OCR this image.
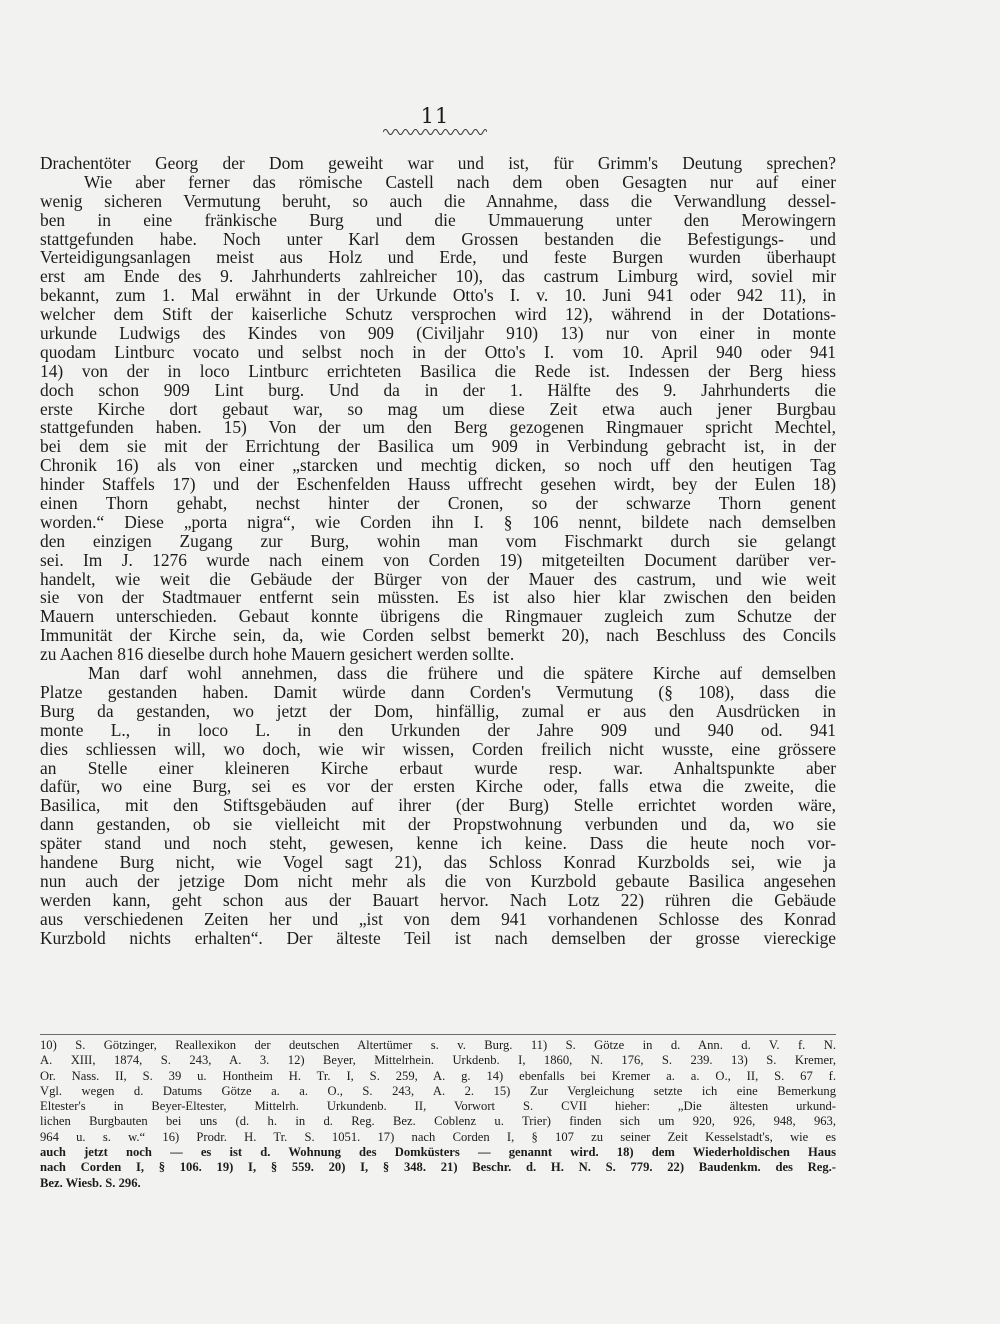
11
Drachentöter Georg der Dom geweiht war und ist, für Grimm's Deutung sprechen?
Wie aber ferner das römische Castell nach dem oben Gesagten nur auf einer
wenig sicheren Vermutung beruht, so auch die Annahme, dass die Verwandlung dessel-
ben in eine fränkische Burg und die Ummauerung unter den Merowingern
stattgefunden habe. Noch unter Karl dem Grossen bestanden die Befestigungs- und
Verteidigungsanlagen meist aus Holz und Erde, und feste Burgen wurden überhaupt
erst am Ende des 9. Jahrhunderts zahlreicher 10), das castrum Limburg wird, soviel mir
bekannt, zum 1. Mal erwähnt in der Urkunde Otto's I. v. 10. Juni 941 oder 942 11), in
welcher dem Stift der kaiserliche Schutz versprochen wird 12), während in der Dotations-
urkunde Ludwigs des Kindes von 909 (Civiljahr 910) 13) nur von einer in monte
quodam Lintburc vocato und selbst noch in der Otto's I. vom 10. April 940 oder 941
14) von der in loco Lintburc errichteten Basilica die Rede ist. Indessen der Berg hiess
doch schon 909 Lint burg. Und da in der 1. Hälfte des 9. Jahrhunderts die
erste Kirche dort gebaut war, so mag um diese Zeit etwa auch jener Burgbau
stattgefunden haben. 15) Von der um den Berg gezogenen Ringmauer spricht Mechtel,
bei dem sie mit der Errichtung der Basilica um 909 in Verbindung gebracht ist, in der
Chronik 16) als von einer „starcken und mechtig dicken, so noch uff den heutigen Tag
hinder Staffels 17) und der Eschenfelden Hauss uffrecht gesehen wirdt, bey der Eulen 18)
einen Thorn gehabt, nechst hinter der Cronen, so der schwarze Thorn genent
worden.“ Diese „porta nigra“, wie Corden ihn I. § 106 nennt, bildete nach demselben
den einzigen Zugang zur Burg, wohin man vom Fischmarkt durch sie gelangt
sei. Im J. 1276 wurde nach einem von Corden 19) mitgeteilten Document darüber ver-
handelt, wie weit die Gebäude der Bürger von der Mauer des castrum, und wie weit
sie von der Stadtmauer entfernt sein müssten. Es ist also hier klar zwischen den beiden
Mauern unterschieden. Gebaut konnte übrigens die Ringmauer zugleich zum Schutze der
Immunität der Kirche sein, da, wie Corden selbst bemerkt 20), nach Beschluss des Concils
zu Aachen 816 dieselbe durch hohe Mauern gesichert werden sollte.
Man darf wohl annehmen, dass die frühere und die spätere Kirche auf demselben
Platze gestanden haben. Damit würde dann Corden's Vermutung (§ 108), dass die
Burg da gestanden, wo jetzt der Dom, hinfällig, zumal er aus den Ausdrücken in
monte L., in loco L. in den Urkunden der Jahre 909 und 940 od. 941
dies schliessen will, wo doch, wie wir wissen, Corden freilich nicht wusste, eine grössere
an Stelle einer kleineren Kirche erbaut wurde resp. war. Anhaltspunkte aber
dafür, wo eine Burg, sei es vor der ersten Kirche oder, falls etwa die zweite, die
Basilica, mit den Stiftsgebäuden auf ihrer (der Burg) Stelle errichtet worden wäre,
dann gestanden, ob sie vielleicht mit der Propstwohnung verbunden und da, wo sie
später stand und noch steht, gewesen, kenne ich keine. Dass die heute noch vor-
handene Burg nicht, wie Vogel sagt 21), das Schloss Konrad Kurzbolds sei, wie ja
nun auch der jetzige Dom nicht mehr als die von Kurzbold gebaute Basilica angesehen
werden kann, geht schon aus der Bauart hervor. Nach Lotz 22) rühren die Gebäude
aus verschiedenen Zeiten her und „ist von dem 941 vorhandenen Schlosse des Konrad
Kurzbold nichts erhalten“. Der älteste Teil ist nach demselben der grosse viereckige
10) S. Götzinger, Reallexikon der deutschen Altertümer s. v. Burg. 11) S. Götze in d. Ann. d. V. f. N.
A. XIII, 1874, S. 243, A. 3. 12) Beyer, Mittelrhein. Urkdenb. I, 1860, N. 176, S. 239. 13) S. Kremer,
Or. Nass. II, S. 39 u. Hontheim H. Tr. I, S. 259, A. g. 14) ebenfalls bei Kremer a. a. O., II, S. 67 f.
Vgl. wegen d. Datums Götze a. a. O., S. 243, A. 2. 15) Zur Vergleichung setzte ich eine Bemerkung
Eltester's in Beyer-Eltester, Mittelrh. Urkundenb. II, Vorwort S. CVII hieher: „Die ältesten urkund-
lichen Burgbauten bei uns (d. h. in d. Reg. Bez. Coblenz u. Trier) finden sich um 920, 926, 948, 963,
964 u. s. w.“ 16) Prodr. H. Tr. S. 1051. 17) nach Corden I, § 107 zu seiner Zeit Kesselstadt's, wie es
auch jetzt noch — es ist d. Wohnung des Domküsters — genannt wird. 18) dem Wiederholdischen Haus
nach Corden I, § 106. 19) I, § 559. 20) I, § 348. 21) Beschr. d. H. N. S. 779. 22) Baudenkm. des Reg.-
Bez. Wiesb. S. 296.
